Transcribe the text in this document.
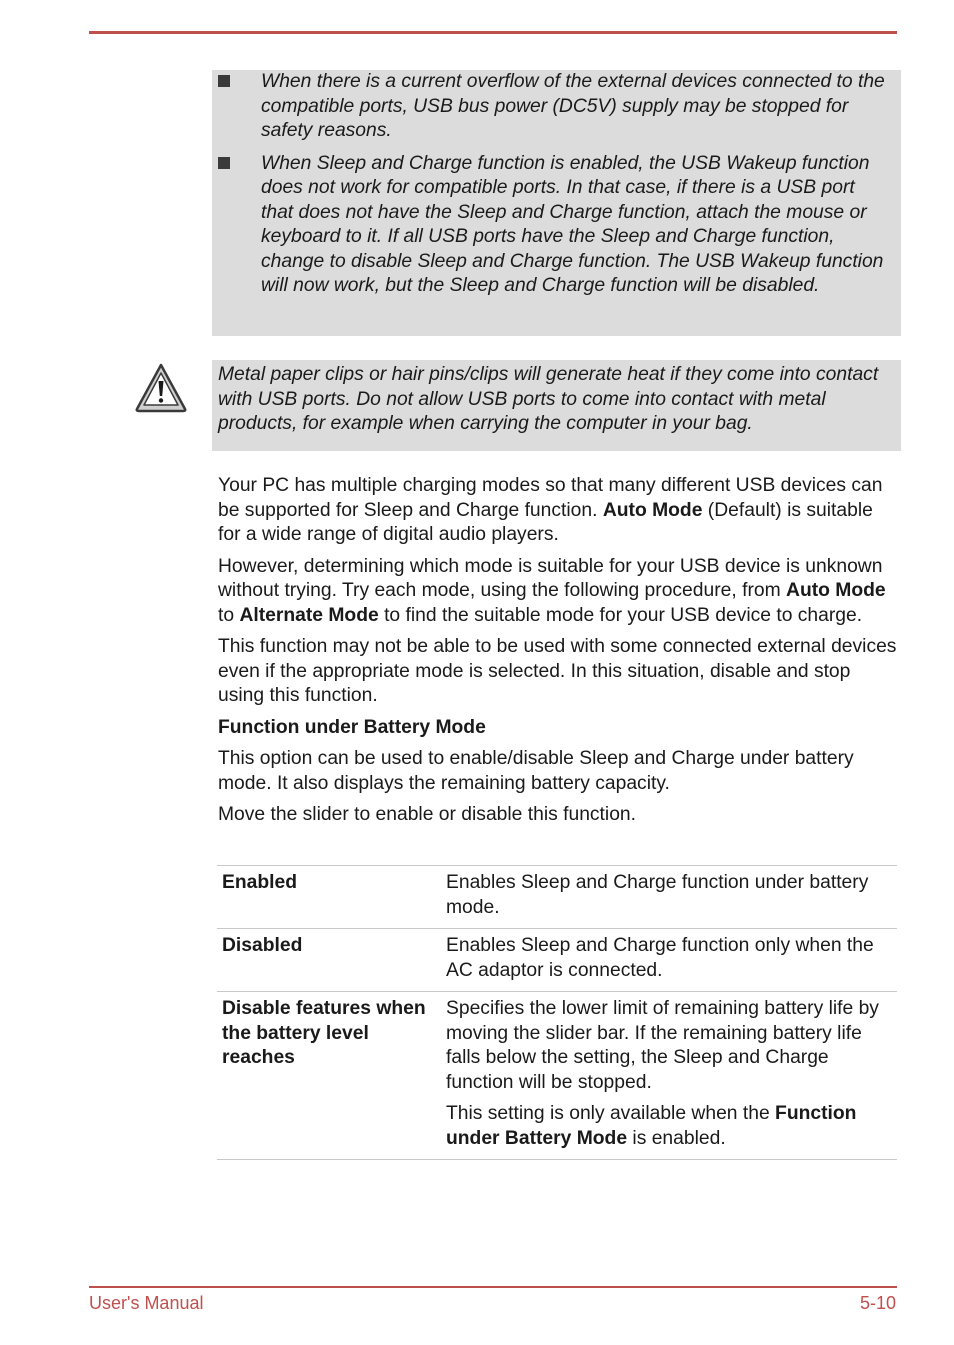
When there is a current overflow of the external devices connected to the compatible ports, USB bus power (DC5V) supply may be stopped for safety reasons.
When Sleep and Charge function is enabled, the USB Wakeup function does not work for compatible ports. In that case, if there is a USB port that does not have the Sleep and Charge function, attach the mouse or keyboard to it. If all USB ports have the Sleep and Charge function, change to disable Sleep and Charge function. The USB Wakeup function will now work, but the Sleep and Charge function will be disabled.
Metal paper clips or hair pins/clips will generate heat if they come into contact with USB ports. Do not allow USB ports to come into contact with metal products, for example when carrying the computer in your bag.

Your PC has multiple charging modes so that many different USB devices can be supported for Sleep and Charge function. Auto Mode (Default) is suitable for a wide range of digital audio players.

However, determining which mode is suitable for your USB device is unknown without trying. Try each mode, using the following procedure, from Auto Mode to Alternate Mode to find the suitable mode for your USB device to charge.

This function may not be able to be used with some connected external devices even if the appropriate mode is selected. In this situation, disable and stop using this function.

Function under Battery Mode

This option can be used to enable/disable Sleep and Charge under battery mode. It also displays the remaining battery capacity.

Move the slider to enable or disable this function.

Enabled	Enables Sleep and Charge function under battery mode.
Disabled	Enables Sleep and Charge function only when the AC adaptor is connected.
Disable features when the battery level reaches	Specifies the lower limit of remaining battery life by moving the slider bar. If the remaining battery life falls below the setting, the Sleep and Charge function will be stopped.

This setting is only available when the Function under Battery Mode is enabled.

User's Manual	5-10
